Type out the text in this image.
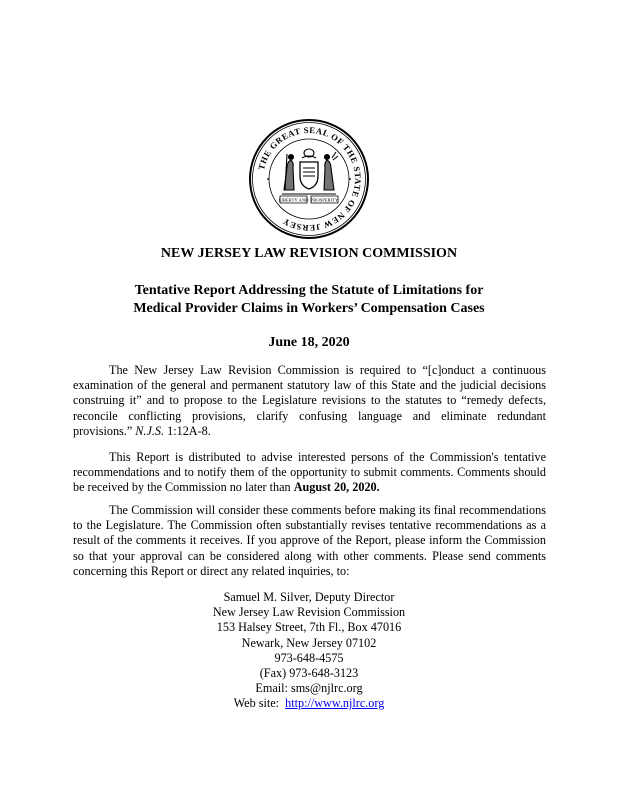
THE GREAT SEAL OF THE STATE OF NEW JERSEY
LIBERTY AND PROSPERITY
NEW JERSEY LAW REVISION COMMISSION
Tentative Report Addressing the Statute of Limitations for
Medical Provider Claims in Workers’ Compensation Cases
June 18, 2020
The New Jersey Law Revision Commission is required to “[c]onduct a continuous examination of the general and permanent statutory law of this State and the judicial decisions construing it” and to propose to the Legislature revisions to the statutes to “remedy defects, reconcile conflicting provisions, clarify confusing language and eliminate redundant provisions.” N.J.S. 1:12A-8.
This Report is distributed to advise interested persons of the Commission's tentative recommendations and to notify them of the opportunity to submit comments. Comments should be received by the Commission no later than August 20, 2020.
The Commission will consider these comments before making its final recommendations to the Legislature. The Commission often substantially revises tentative recommendations as a result of the comments it receives. If you approve of the Report, please inform the Commission so that your approval can be considered along with other comments. Please send comments concerning this Report or direct any related inquiries, to:
Samuel M. Silver, Deputy Director
New Jersey Law Revision Commission
153 Halsey Street, 7th Fl., Box 47016
Newark, New Jersey 07102
973-648-4575
(Fax) 973-648-3123
Email: sms@njlrc.org
Web site:  http://www.njlrc.org
